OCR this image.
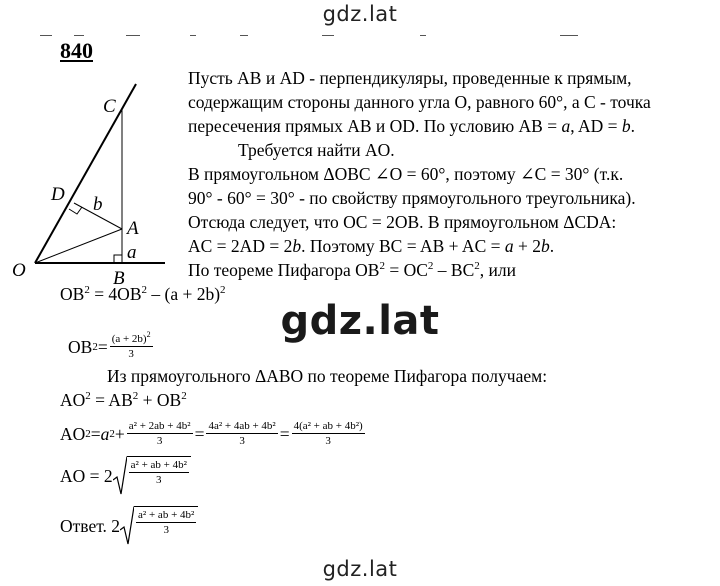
gdz.lat
840
C
D b
A
O
a
B
Пусть AB и AD - перпендикуляры, проведенные к прямым,
содержащим стороны данного угла O, равного 60°, а C - точка
пересечения прямых AB и OD. По условию AB = a, AD = b.
Требуется найти AO.
В прямоугольном ΔOBC ∠O = 60°, поэтому ∠C = 30° (т.к.
90° - 60° = 30° - по свойству прямоугольного треугольника).
Отсюда следует, что OC = 2OB. В прямоугольном ΔCDA:
AC = 2AD = 2b. Поэтому BC = AB + AC = a + 2b.
По теореме Пифагора $OB^2 = OC^2 - BC^2$, или
$OB^2 = 4OB^2 - (a + 2b)^2$
OB $2 = \frac{(a + 2b)^2}{3}$
Из прямоугольного ΔABO по теореме Пифагора получаем:
$AO^2 = AB^2 + OB^2$
AO 2 = a $2 + \frac{\text{a² + 2ab + 4b²}}{3} = \frac{\text{4a² + 4ab + 4b²}}{3} = \frac{\text{4(a² + ab + 4b²)}}{3}$
AO = $2 \frac{\text{a² + ab + 4b²}}{3}$
Ответ. $2 \frac{\text{a² + ab + 4b²}}{3}$
gdz.lat
gdz.lat
